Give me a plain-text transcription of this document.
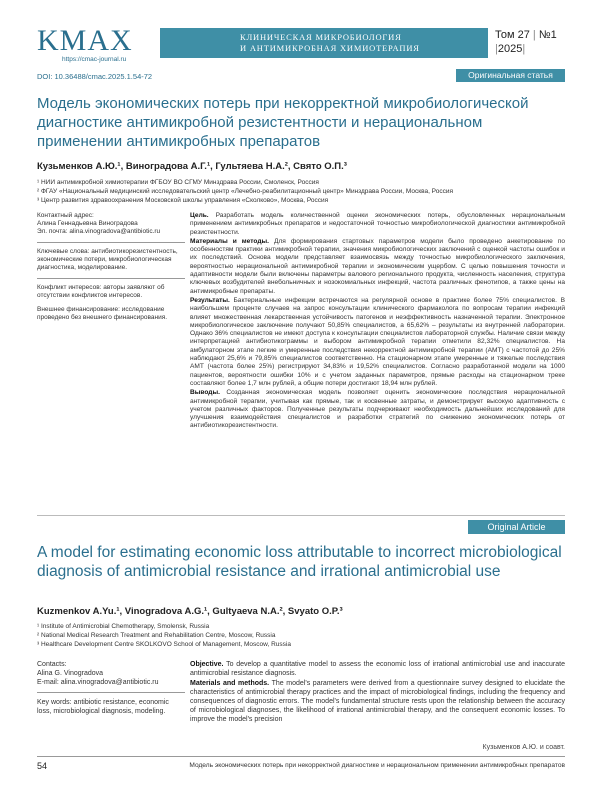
KMAX
https://cmac-journal.ru
КЛИНИЧЕСКАЯ МИКРОБИОЛОГИЯ
И АНТИМИКРОБНАЯ ХИМИОТЕРАПИЯ
Том 27 | №1
|2025|
DOI: 10.36488/cmac.2025.1.54-72	Оригинальная статья
Модель экономических потерь при некорректной микробиологической диагностике антимикробной резистентности и нерациональном применении антимикробных препаратов
Кузьменков А.Ю.¹, Виноградова А.Г.¹, Гультяева Н.А.², Свято О.П.³
¹ НИИ антимикробной химиотерапии ФГБОУ ВО СГМУ Минздрава России, Смоленск, Россия
² ФГАУ «Национальный медицинский исследовательский центр «Лечебно-реабилитационный центр» Минздрава России, Москва, Россия
³ Центр развития здравоохранения Московской школы управления «Сколково», Москва, Россия
Контактный адрес:
Алина Геннадьевна Виноградова
Эл. почта: alina.vinogradova@antibiotic.ru
Ключевые слова: антибиотикорезистентность, экономические потери, микробиологическая диагностика, моделирование.
Конфликт интересов: авторы заявляют об отсутствии конфликтов интересов.
Внешнее финансирование: исследование проведено без внешнего финансирования.

Цель. Разработать модель количественной оценки экономических потерь, обусловленных нерациональным применением антимикробных препаратов и недостаточной точностью микробиологической диагностики антимикробной резистентности.

Материалы и методы. Для формирования стартовых параметров модели было проведено анкетирование по особенностям практики антимикробной терапии, значения микробиологических заключений с оценкой частоты ошибок и их последствий. Основа модели представляет взаимосвязь между точностью микробиологического заключения, вероятностью нерациональной антимикробной терапии и экономическим ущербом. С целью повышения точности и адаптивности модели были включены параметры валового регионального продукта, численность населения, структура ключевых возбудителей внебольничных и нозокомиальных инфекций, частота различных фенотипов, а также цены на антимикробные препараты.

Результаты. Бактериальные инфекции встречаются на регулярной основе в практике более 75% специалистов. В наибольшем проценте случаев на запрос консультации клинического фармаколога по вопросам терапии инфекций влияет множественная лекарственная устойчивость патогенов и неэффективность назначенной терапии. Электронное микробиологическое заключение получают 50,85% специалистов, а 65,62% – результаты из внутренней лаборатории. Однако 36% специалистов не имеют доступа к консультации специалистов лабораторной службы. Наличие связи между интерпретацией антибиотикограммы и выбором антимикробной терапии отметили 82,32% специалистов. На амбулаторном этапе легкие и умеренные последствия некорректной антимикробной терапии (АМТ) с частотой до 25% наблюдают 25,6% и 79,85% специалистов соответственно. На стационарном этапе умеренные и тяжелые последствия АМТ (частота более 25%) регистрируют 34,83% и 19,52% специалистов. Согласно разработанной модели на 1000 пациентов, вероятности ошибки 10% и с учетом заданных параметров, прямые расходы на стационарном треке составляют более 1,7 млн рублей, а общие потери достигают 18,94 млн рублей.

Выводы. Созданная экономическая модель позволяет оценить экономические последствия нерациональной антимикробной терапии, учитывая как прямые, так и косвенные затраты, и демонстрирует высокую адаптивность с учетом различных факторов. Полученные результаты подчеркивают необходимость дальнейших исследований для улучшения взаимодействия специалистов и разработки стратегий по снижению экономических потерь от антибиотикорезистентности.

Original Article
A model for estimating economic loss attributable to incorrect microbiological diagnosis of antimicrobial resistance and irrational antimicrobial use
Kuzmenkov A.Yu.¹, Vinogradova A.G.¹, Gultyaeva N.A.², Svyato O.P.³
¹ Institute of Antimicrobial Chemotherapy, Smolensk, Russia
² National Medical Research Treatment and Rehabilitation Centre, Moscow, Russia
³ Healthcare Development Centre SKOLKOVO School of Management, Moscow, Russia
Contacts:
Alina G. Vinogradova
E-mail: alina.vinogradova@antibiotic.ru
Key words: antibiotic resistance, economic loss, microbiological diagnosis, modeling.

Objective. To develop a quantitative model to assess the economic loss of irrational antimicrobial use and inaccurate antimicrobial resistance diagnosis.

Materials and methods. The model's parameters were derived from a questionnaire survey designed to elucidate the characteristics of antimicrobial therapy practices and the impact of microbiological findings, including the frequency and consequences of diagnostic errors. The model's fundamental structure rests upon the relationship between the accuracy of microbiological diagnoses, the likelihood of irrational antimicrobial therapy, and the consequent economic losses. To improve the model's precision

Кузьменков А.Ю. и соавт.
54	Модель экономических потерь при некорректной диагностике и нерациональном применении антимикробных препаратов
